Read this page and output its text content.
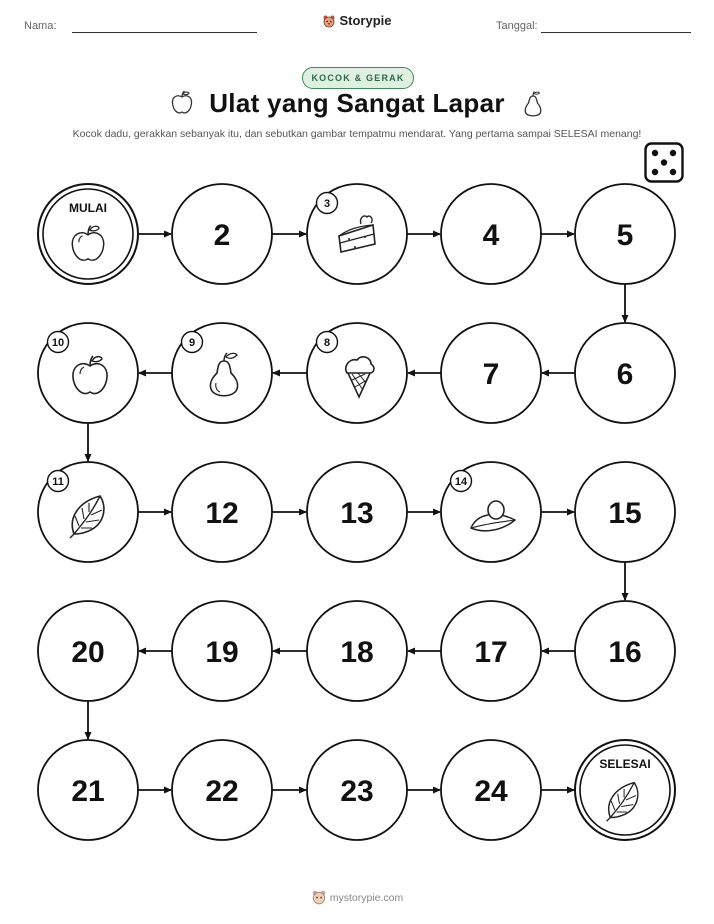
Nama:	Tanggal:
Storypie
KOCOK & GERAK
Ulat yang Sangat Lapar
Kocok dadu, gerakkan sebanyak itu, dan sebutkan gambar tempatmu mendarat. Yang pertama sampai SELESAI menang!
MULAI
2
3
4	5
6
7
8
9
10
11
12	13
14
15
16
17
18
19
20
21	22	23	24
SELESAI
mystorypie.com
